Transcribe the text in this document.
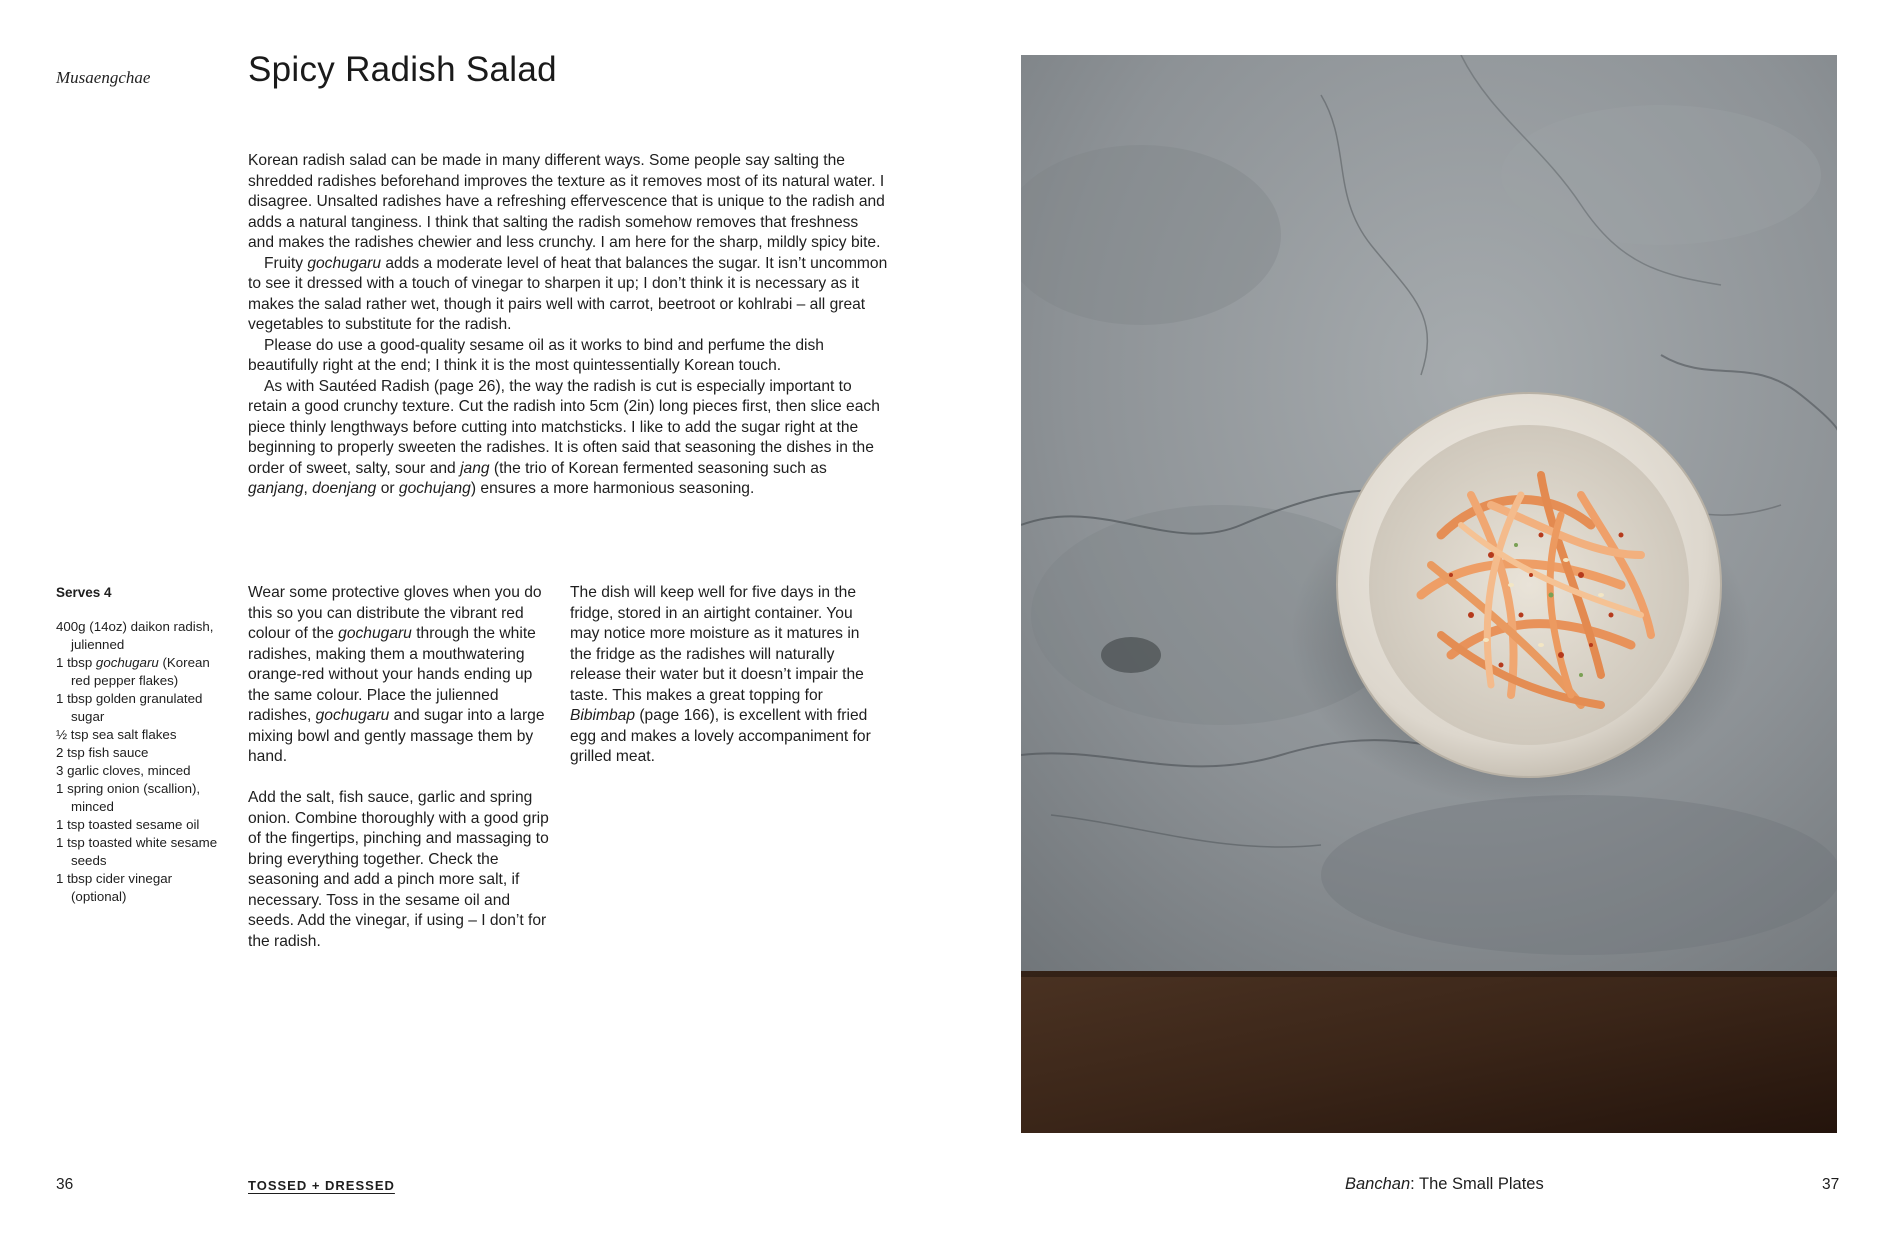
Musaengchae	Spicy Radish Salad

Korean radish salad can be made in many different ways. Some people say salting the shredded radishes beforehand improves the texture as it removes most of its natural water. I disagree. Unsalted radishes have a refreshing effervescence that is unique to the radish and adds a natural tanginess. I think that salting the radish somehow removes that freshness and makes the radishes chewier and less crunchy. I am here for the sharp, mildly spicy bite.

Fruity gochugaru adds a moderate level of heat that balances the sugar. It isn’t uncommon to see it dressed with a touch of vinegar to sharpen it up; I don’t think it is necessary as it makes the salad rather wet, though it pairs well with carrot, beetroot or kohlrabi – all great vegetables to substitute for the radish.

Please do use a good-quality sesame oil as it works to bind and perfume the dish beautifully right at the end; I think it is the most quintessentially Korean touch.

As with Sautéed Radish (page 26), the way the radish is cut is especially important to retain a good crunchy texture. Cut the radish into 5cm (2in) long pieces first, then slice each piece thinly lengthways before cutting into matchsticks. I like to add the sugar right at the beginning to properly sweeten the radishes. It is often said that seasoning the dishes in the order of sweet, salty, sour and jang (the trio of Korean fermented seasoning such as ganjang, doenjang or gochujang) ensures a more harmonious seasoning.

Serves 4
400g (14oz) daikon radish, julienned
1 tbsp gochugaru (Korean red pepper flakes)
1 tbsp golden granulated sugar
½ tsp sea salt flakes
2 tsp fish sauce
3 garlic cloves, minced
1 spring onion (scallion), minced
1 tsp toasted sesame oil
1 tsp toasted white sesame seeds
1 tbsp cider vinegar (optional)

Wear some protective gloves when you do this so you can distribute the vibrant red colour of the gochugaru through the white radishes, making them a mouthwatering orange-red without your hands ending up the same colour. Place the julienned radishes, gochugaru and sugar into a large mixing bowl and gently massage them by hand.

Add the salt, fish sauce, garlic and spring onion. Combine thoroughly with a good grip of the fingertips, pinching and massaging to bring everything together. Check the seasoning and add a pinch more salt, if necessary. Toss in the sesame oil and seeds. Add the vinegar, if using – I don’t for the radish.

The dish will keep well for five days in the fridge, stored in an airtight container. You may notice more moisture as it matures in the fridge as the radishes will naturally release their water but it doesn’t impair the taste. This makes a great topping for Bibimbap (page 166), is excellent with fried egg and makes a lovely accompaniment for grilled meat.

36	TOSSED + DRESSED	Banchan: The Small Plates	37
